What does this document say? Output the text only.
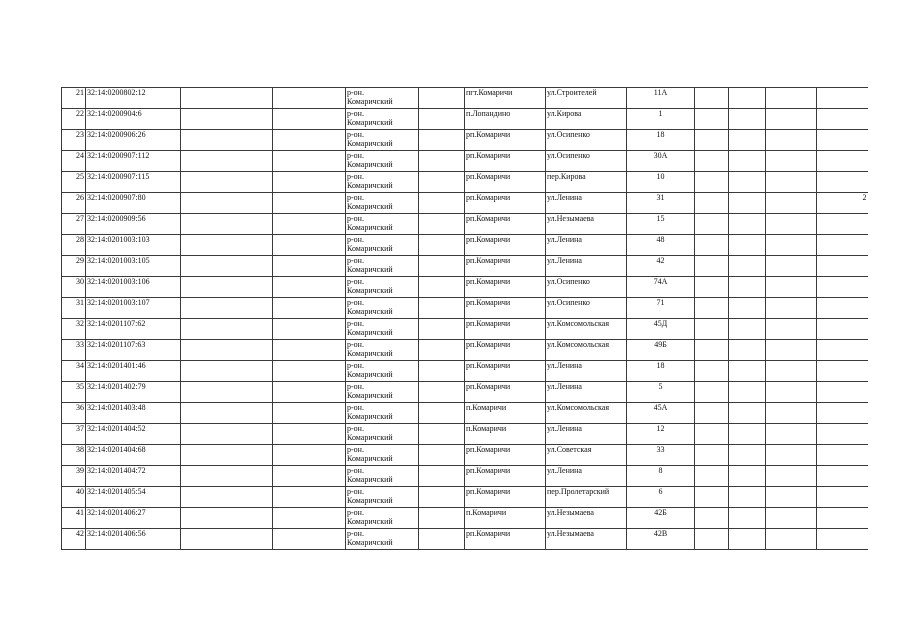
21	32:14:0200802:12			р-он.
Комаричский		пгт.Комаричи	ул.Строителей	11А				
22	32:14:0200904:6			р-он.
Комаричский		п.Лопандино	ул.Кирова	1				
23	32:14:0200906:26			р-он.
Комаричский		рп.Комаричи	ул.Осипенко	18				
24	32:14:0200907:112			р-он.
Комаричский		рп.Комаричи	ул.Осипенко	30А				
25	32:14:0200907:115			р-он.
Комаричский		рп.Комаричи	пер.Кирова	10				
26	32:14:0200907:80			р-он.
Комаричский		рп.Комаричи	ул.Ленина	31				2
27	32:14:0200909:56			р-он.
Комаричский		рп.Комаричи	ул.Незымаева	15				
28	32:14:0201003:103			р-он.
Комаричский		рп.Комаричи	ул.Ленина	48				
29	32:14:0201003:105			р-он.
Комаричский		рп.Комаричи	ул.Ленина	42				
30	32:14:0201003:106			р-он.
Комаричский		рп.Комаричи	ул.Осипенко	74А				
31	32:14:0201003:107			р-он.
Комаричский		рп.Комаричи	ул.Осипенко	71				
32	32:14:0201107:62			р-он.
Комаричский		рп.Комаричи	ул.Комсомольская	45Д				
33	32:14:0201107:63			р-он.
Комаричский		рп.Комаричи	ул.Комсомольская	49Б				
34	32:14:0201401:46			р-он.
Комаричский		рп.Комаричи	ул.Ленина	18				
35	32:14:0201402:79			р-он.
Комаричский		рп.Комаричи	ул.Ленина	5				
36	32:14:0201403:48			р-он.
Комаричский		п.Комаричи	ул.Комсомольская	45А				
37	32:14:0201404:52			р-он.
Комаричский		п.Комаричи	ул.Ленина	12				
38	32:14:0201404:68			р-он.
Комаричский		рп.Комаричи	ул.Советская	33				
39	32:14:0201404:72			р-он.
Комаричский		рп.Комаричи	ул.Ленина	8				
40	32:14:0201405:54			р-он.
Комаричский		рп.Комаричи	пер.Пролетарский	6				
41	32:14:0201406:27			р-он.
Комаричский		п.Комаричи	ул.Незымаева	42Б				
42	32:14:0201406:56			р-он.
Комаричский		рп.Комаричи	ул.Незымаева	42В				
